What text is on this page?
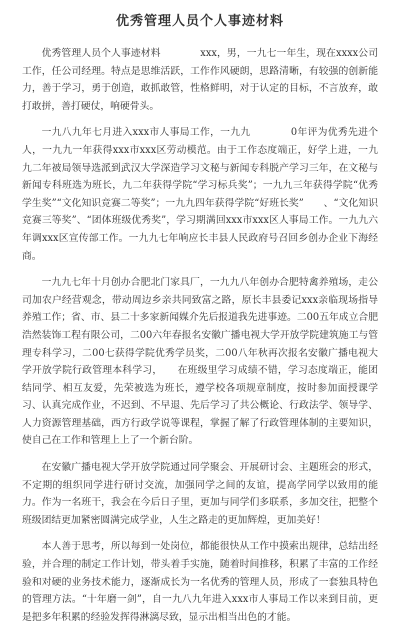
优秀管理人员个人事迹材料

优秀管理人员个人事迹材料　　　　xxx，男，一九七一年生，现在xxxx公司工作，任公司经理。特点是思维活跃，工作作风硬朗，思路清晰，有较强的创新能力，善于学习，勇于创造，敢抓敢管，性格鲜明，对于认定的目标，不言放弃，敢打敢拼，善打硬仗，响硬骨头。

一九八九年七月进入xxx市人事局工作，一九九　　　　0年评为优秀先进个人，一九九一年获得xxx市xxx区劳动模范。由于工作态度端正，好学上进，一九九二年被局领导选派到武汉大学深造学习文秘与新闻专科脱产学习三年，在文秘与新闻专科班选为班长，九二年获得学院“学习标兵奖”；一九九三年获得学院“优秀学生奖”“文化知识竞赛二等奖”；一九九四年获得学院“好班长奖”　　、“文化知识竞赛三等奖”、“团体班级优秀奖”，学习期满回xxx市xxx区人事局工作。一九九六年调xxx区宣传部工作。一九九七年响应长丰县人民政府号召回乡创办企业下海经商。

一九九七年十月创办合肥北门家具厂，一九九八年创办合肥特禽养殖场，走公司加农户经营观念，带动周边乡亲共同致富之路，原长丰县委记xxx亲临现场指导养殖工作；省、市、县二十多家新闻媒介先后报道我先进事迹。二00五年成立合肥浩然装饰工程有限公司，二00六年春报名安徽广播电视大学开放学院建筑施工与管理专科学习，二00七获得学院优秀学员奖，二00八年秋再次报名安徽广播电视大学开放学院行政管理本科学习，　　在班级里学习成绩不错，学习态度端正，能团结同学、相互友爱，先荣被选为班长，遵学校各项规章制度，按时参加面授课学习、认真完成作业，不迟到、不早退、先后学习了共公概论、行政法学、领导学、人力资源管理基础，西方行政学说等课程，掌握了解了行政管理体制的主要知识，使自己在工作和管理上上了一个新台阶。

在安徽广播电视大学开放学院通过同学聚会、开展研讨会、主题班会的形式，不定期的组织同学进行研讨交流，加强同学之间的友谊，提高学同学以致用的能力。作为一名班干，我会在今后日子里，更加与同学们多联系，多加交往，把整个班级团结更加紧密圆满完成学业，人生之路走的更加辉煌，更加美好！

本人善于思考，所以每到一处岗位，都能很快从工作中摸索出规律，总结出经验，并合理的制定工作计划，带头着手实施，随着时间推移，积累了丰富的工作经验和对硬的业务技术能力，逐渐成长为一名优秀的管理人员，形成了一套独具特色的管理方法。“十年磨一剑”，自一九八九年进入xxx市人事局工作以来到目前，更是把多年积累的经验发挥得淋漓尽致，显示出相当出色的才能。
